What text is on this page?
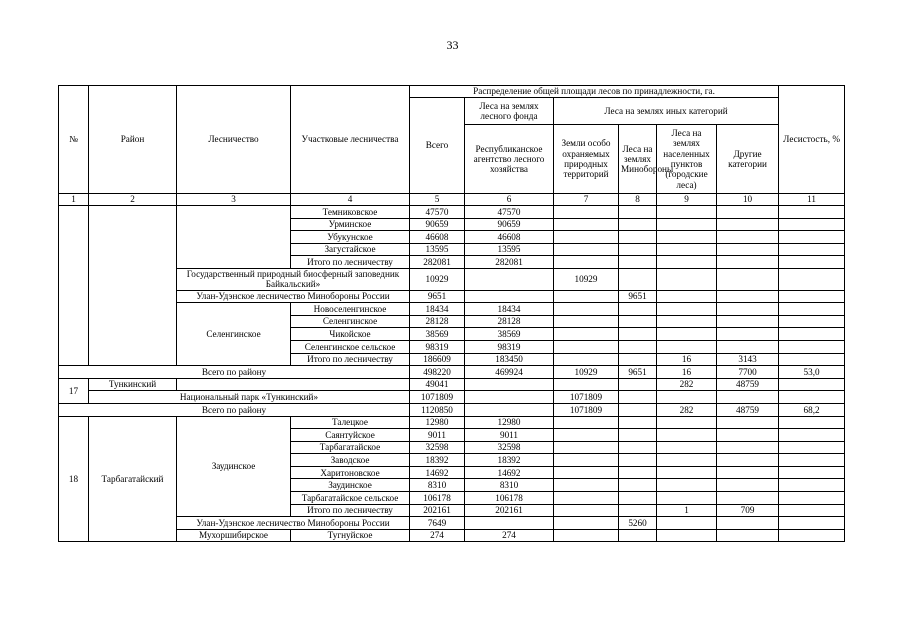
33
№	Район	Лесничество	Участковые лесничества	Распределение общей площади лесов по принадлежности, га.						Лесистость, %
				Всего	Леса на землях лесного фонда	Леса на землях иных категорий				
					Республиканское агентство лесного хозяйства	Земли особо охраняемых природных территорий	Леса на землях Минобороны	Леса на землях населенных пунктов (городские леса)	Другие категории	
1	2	3	4	5	6	7	8	9	10	11
			Темниковское	47570	47570					
			Урминское	90659	90659					
			Убукунское	46608	46608					
			Загустайское	13595	13595					
			Итого по лесничеству	282081	282081					
		Государственный природный биосферный заповедник Байкальский»		10929		10929				
		Улан-Удэнское лесничество Минобороны России		9651			9651			
		Селенгинское	Новоселенгинское	18434	18434					
			Селенгинское	28128	28128					
			Чикойское	38569	38569					
			Селенгинское сельское	98319	98319					
			Итого по лесничеству	186609	183450			16	3143	
Всего по району				498220	469924	10929	9651	16	7700	53,0
17	Тункинский			49041				282	48759	
	Национальный парк «Тункинский»			1071809		1071809				
Всего по району				1120850		1071809		282	48759	68,2
18	Тарбагатайский	Заудинское	Талецкое	12980	12980					
			Саянтуйское	9011	9011					
			Тарбагатайское	32598	32598					
			Заводское	18392	18392					
			Харитоновское	14692	14692					
			Заудинское	8310	8310					
			Тарбагатайское сельское	106178	106178					
			Итого по лесничеству	202161	202161			1	709	
		Улан-Удэнское лесничество Минобороны России		7649			5260			
		Мухоршибирское	Тугнуйское	274	274					
